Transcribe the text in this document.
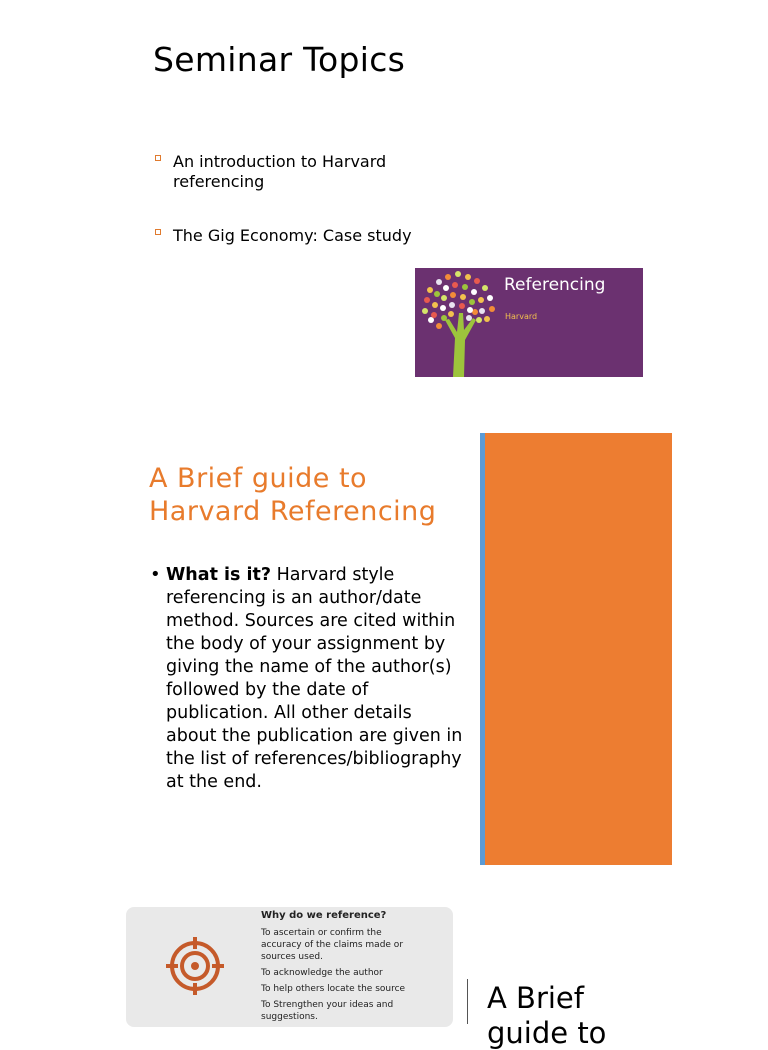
Seminar Topics
An introduction to Harvard
referencing
The Gig Economy: Case study
Referencing
Harvard
A Brief guide to
Harvard Referencing
• What is it? Harvard style
referencing is an author/date
method. Sources are cited within
the body of your assignment by
giving the name of the author(s)
followed by the date of
publication. All other details
about the publication are given in
the list of references/bibliography
at the end.
Why do we reference?
To ascertain or confirm the
accuracy of the claims made or
sources used.
To acknowledge the author
To help others locate the source
To Strengthen your ideas and
suggestions.
A Brief
guide to
